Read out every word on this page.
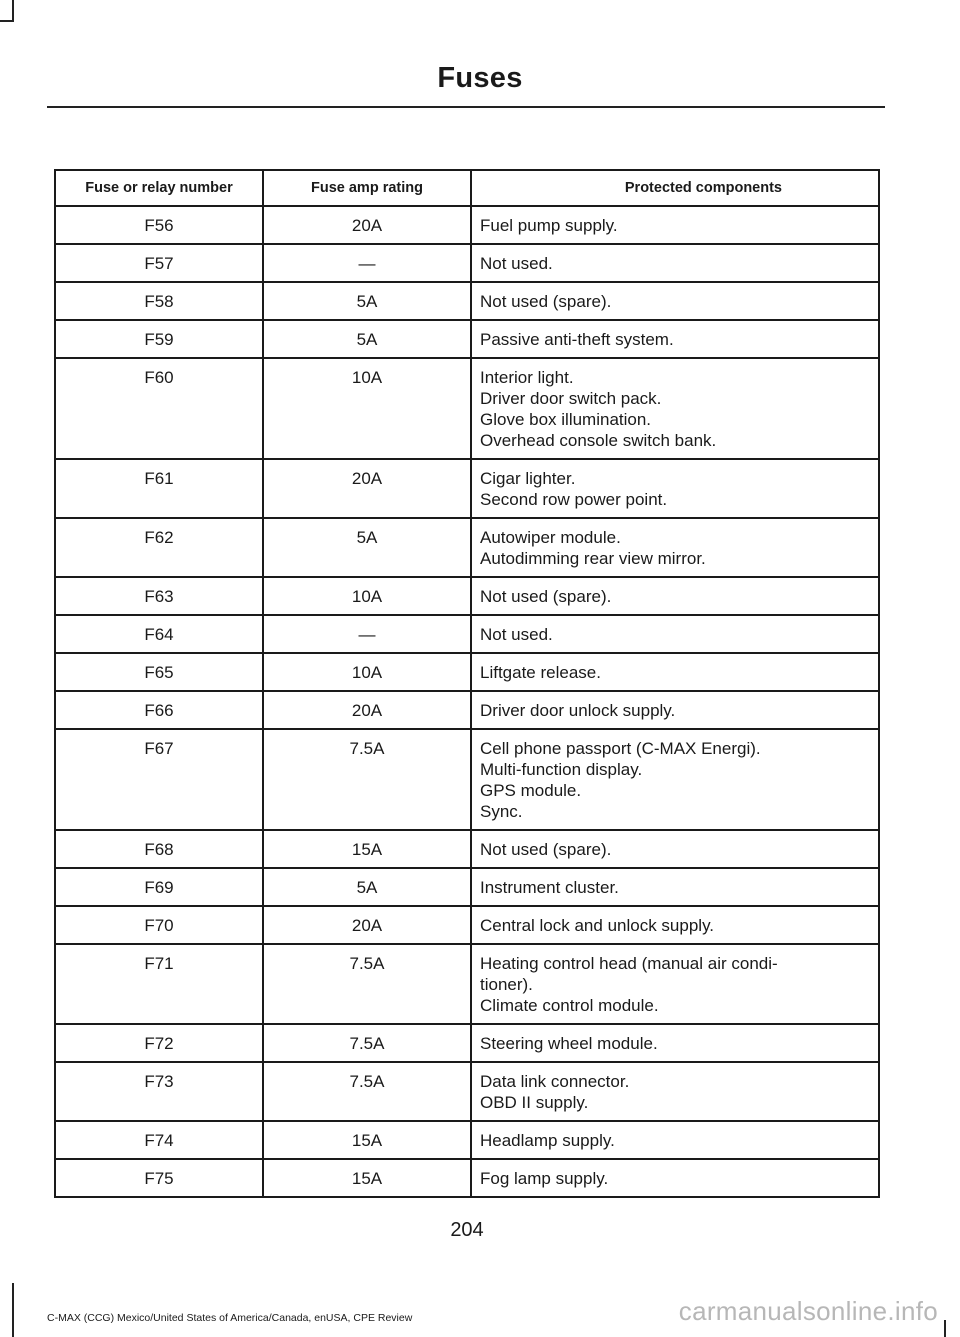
Fuses
Fuse or relay number	Fuse amp rating	Protected components
F56	20A	Fuel pump supply.

F57	—	Not used.

F58	5A	Not used (spare).

F59	5A	Passive anti-theft system.

F60	10A	Interior light.
Driver door switch pack.
Glove box illumination.
Overhead console switch bank.

F61	20A	Cigar lighter.
Second row power point.

F62	5A	Autowiper module.
Autodimming rear view mirror.

F63	10A	Not used (spare).

F64	—	Not used.

F65	10A	Liftgate release.

F66	20A	Driver door unlock supply.

F67	7.5A	Cell phone passport (C-MAX Energi).
Multi-function display.
GPS module.
Sync.

F68	15A	Not used (spare).

F69	5A	Instrument cluster.

F70	20A	Central lock and unlock supply.

F71	7.5A	Heating control head (manual air condi-
tioner).
Climate control module.

F72	7.5A	Steering wheel module.

F73	7.5A	Data link connector.
OBD II supply.

F74	15A	Headlamp supply.

F75	15A	Fog lamp supply.
204
C-MAX (CCG) Mexico/United States of America/Canada, enUSA, CPE Review	carmanualsonline.info
